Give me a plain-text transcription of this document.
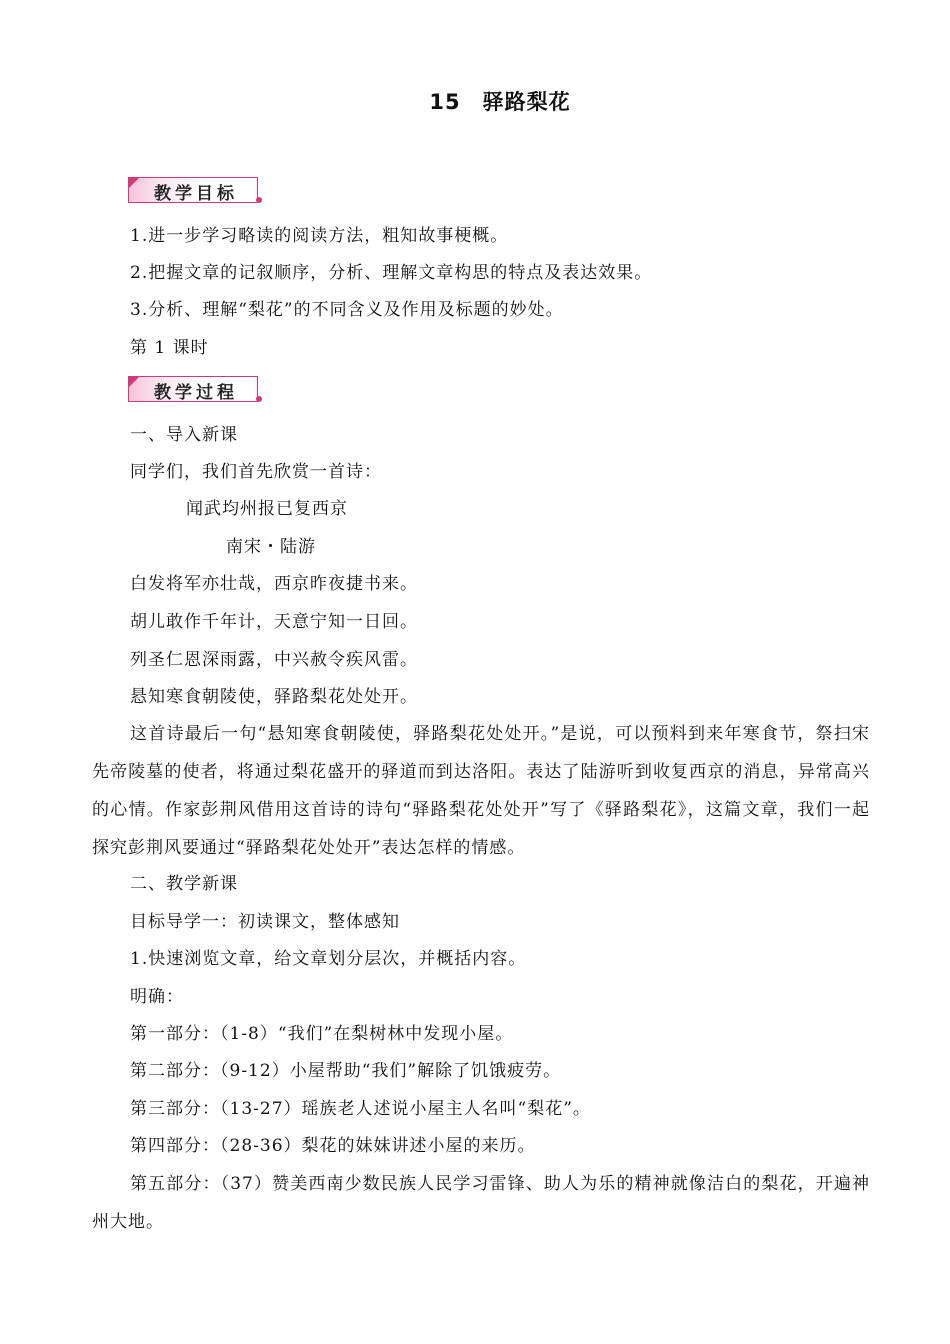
15　驿路梨花
教学目标
1.进一步学习略读的阅读方法，粗知故事梗概。
2.把握文章的记叙顺序，分析、理解文章构思的特点及表达效果。
3.分析、理解“梨花”的不同含义及作用及标题的妙处。
第 1 课时
教学过程
一、导入新课
同学们，我们首先欣赏一首诗：
闻武均州报已复西京
南宋・陆游
白发将军亦壮哉，西京昨夜捷书来。
胡儿敢作千年计，天意宁知一日回。
列圣仁恩深雨露，中兴赦令疾风雷。
悬知寒食朝陵使，驿路梨花处处开。
这首诗最后一句“悬知寒食朝陵使，驿路梨花处处开。”是说，可以预料到来年寒食节，祭扫宋先帝陵墓的使者，将通过梨花盛开的驿道而到达洛阳。表达了陆游听到收复西京的消息，异常高兴的心情。作家彭荆风借用这首诗的诗句“驿路梨花处处开”写了《驿路梨花》，这篇文章，我们一起探究彭荆风要通过“驿路梨花处处开”表达怎样的情感。
二、教学新课
目标导学一：初读课文，整体感知
1.快速浏览文章，给文章划分层次，并概括内容。
明确：
第一部分：（1-8）“我们”在梨树林中发现小屋。
第二部分：（9-12）小屋帮助“我们”解除了饥饿疲劳。
第三部分：（13-27）瑶族老人述说小屋主人名叫“梨花”。
第四部分：（28-36）梨花的妹妹讲述小屋的来历。
第五部分：（37）赞美西南少数民族人民学习雷锋、助人为乐的精神就像洁白的梨花，开遍神州大地。
